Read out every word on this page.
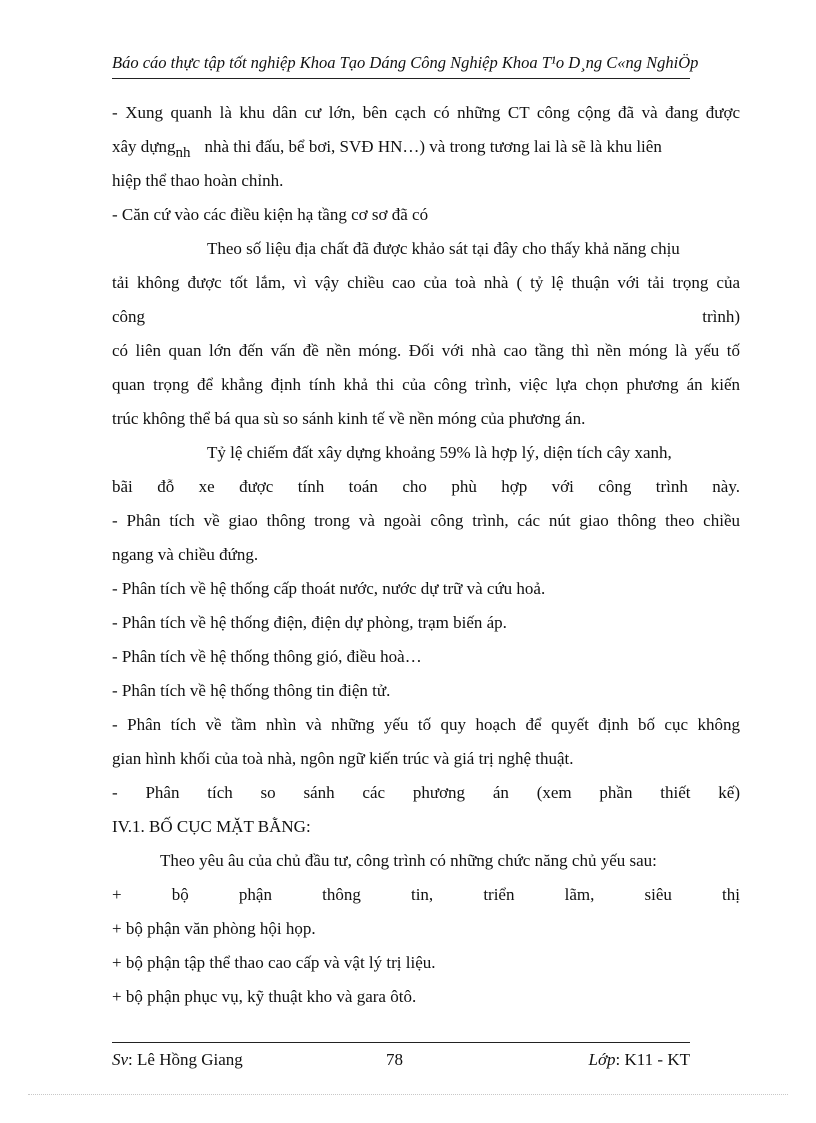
Báo cáo thực tập tốt nghiệp Khoa Tạo Dáng Công Nghiệp Khoa T¹o D¸ng C«ng NghiÖp
- Xung quanh là khu dân cư lớn, bên cạch có những CT công cộng đã và đang được
xây dựngnh nhà thi đấu, bể bơi, SVĐ HN…) và trong tương lai là sẽ là khu liên
hiệp thể thao hoàn chỉnh.
- Căn cứ vào các điều kiện hạ tầng cơ sơ đã có
Theo số liệu địa chất đã được khảo sát tại đây cho thấy khả năng chịu
tải không được tốt lắm, vì vậy chiều cao của toà nhà ( tỷ lệ thuận với tải trọng của
công trình)
có liên quan lớn đến vấn đề nền móng. Đối với nhà cao tầng thì nền móng là yếu tố
quan trọng để khẳng định tính khả thi của công trình, việc lựa chọn phương án kiến
trúc không thể bá qua sù so sánh kinh tế về nền móng của phương án.
Tỷ lệ chiếm đất xây dựng khoảng 59% là hợp lý, diện tích cây xanh,
bãi đỗ xe được tính toán cho phù hợp với công trình này.
- Phân tích về giao thông trong và ngoài công trình, các nút giao thông theo chiều
ngang và chiều đứng.
- Phân tích về hệ thống cấp thoát nước, nước dự trữ và cứu hoả.
- Phân tích về hệ thống điện, điện dự phòng, trạm biến áp.
- Phân tích về hệ thống thông gió, điều hoà…
- Phân tích về hệ thống thông tin điện tử.
- Phân tích về tầm nhìn và những yếu tố quy hoạch để quyết định bố cục không
gian hình khối của toà nhà, ngôn ngữ kiến trúc và giá trị nghệ thuật.
- Phân tích so sánh các phương án (xem phần thiết kế)
IV.1. BỐ CỤC MẶT BẰNG:
Theo yêu âu của chủ đầu tư, công trình có những chức năng chủ yếu sau:
+ bộ phận thông tin, triển lãm, siêu thị
+ bộ phận văn phòng hội họp.
+ bộ phận tập thể thao cao cấp và vật lý trị liệu.
+ bộ phận phục vụ, kỹ thuật kho và gara ôtô.
Sv: Lê Hồng Giang	78	Lớp: K11 - KT
